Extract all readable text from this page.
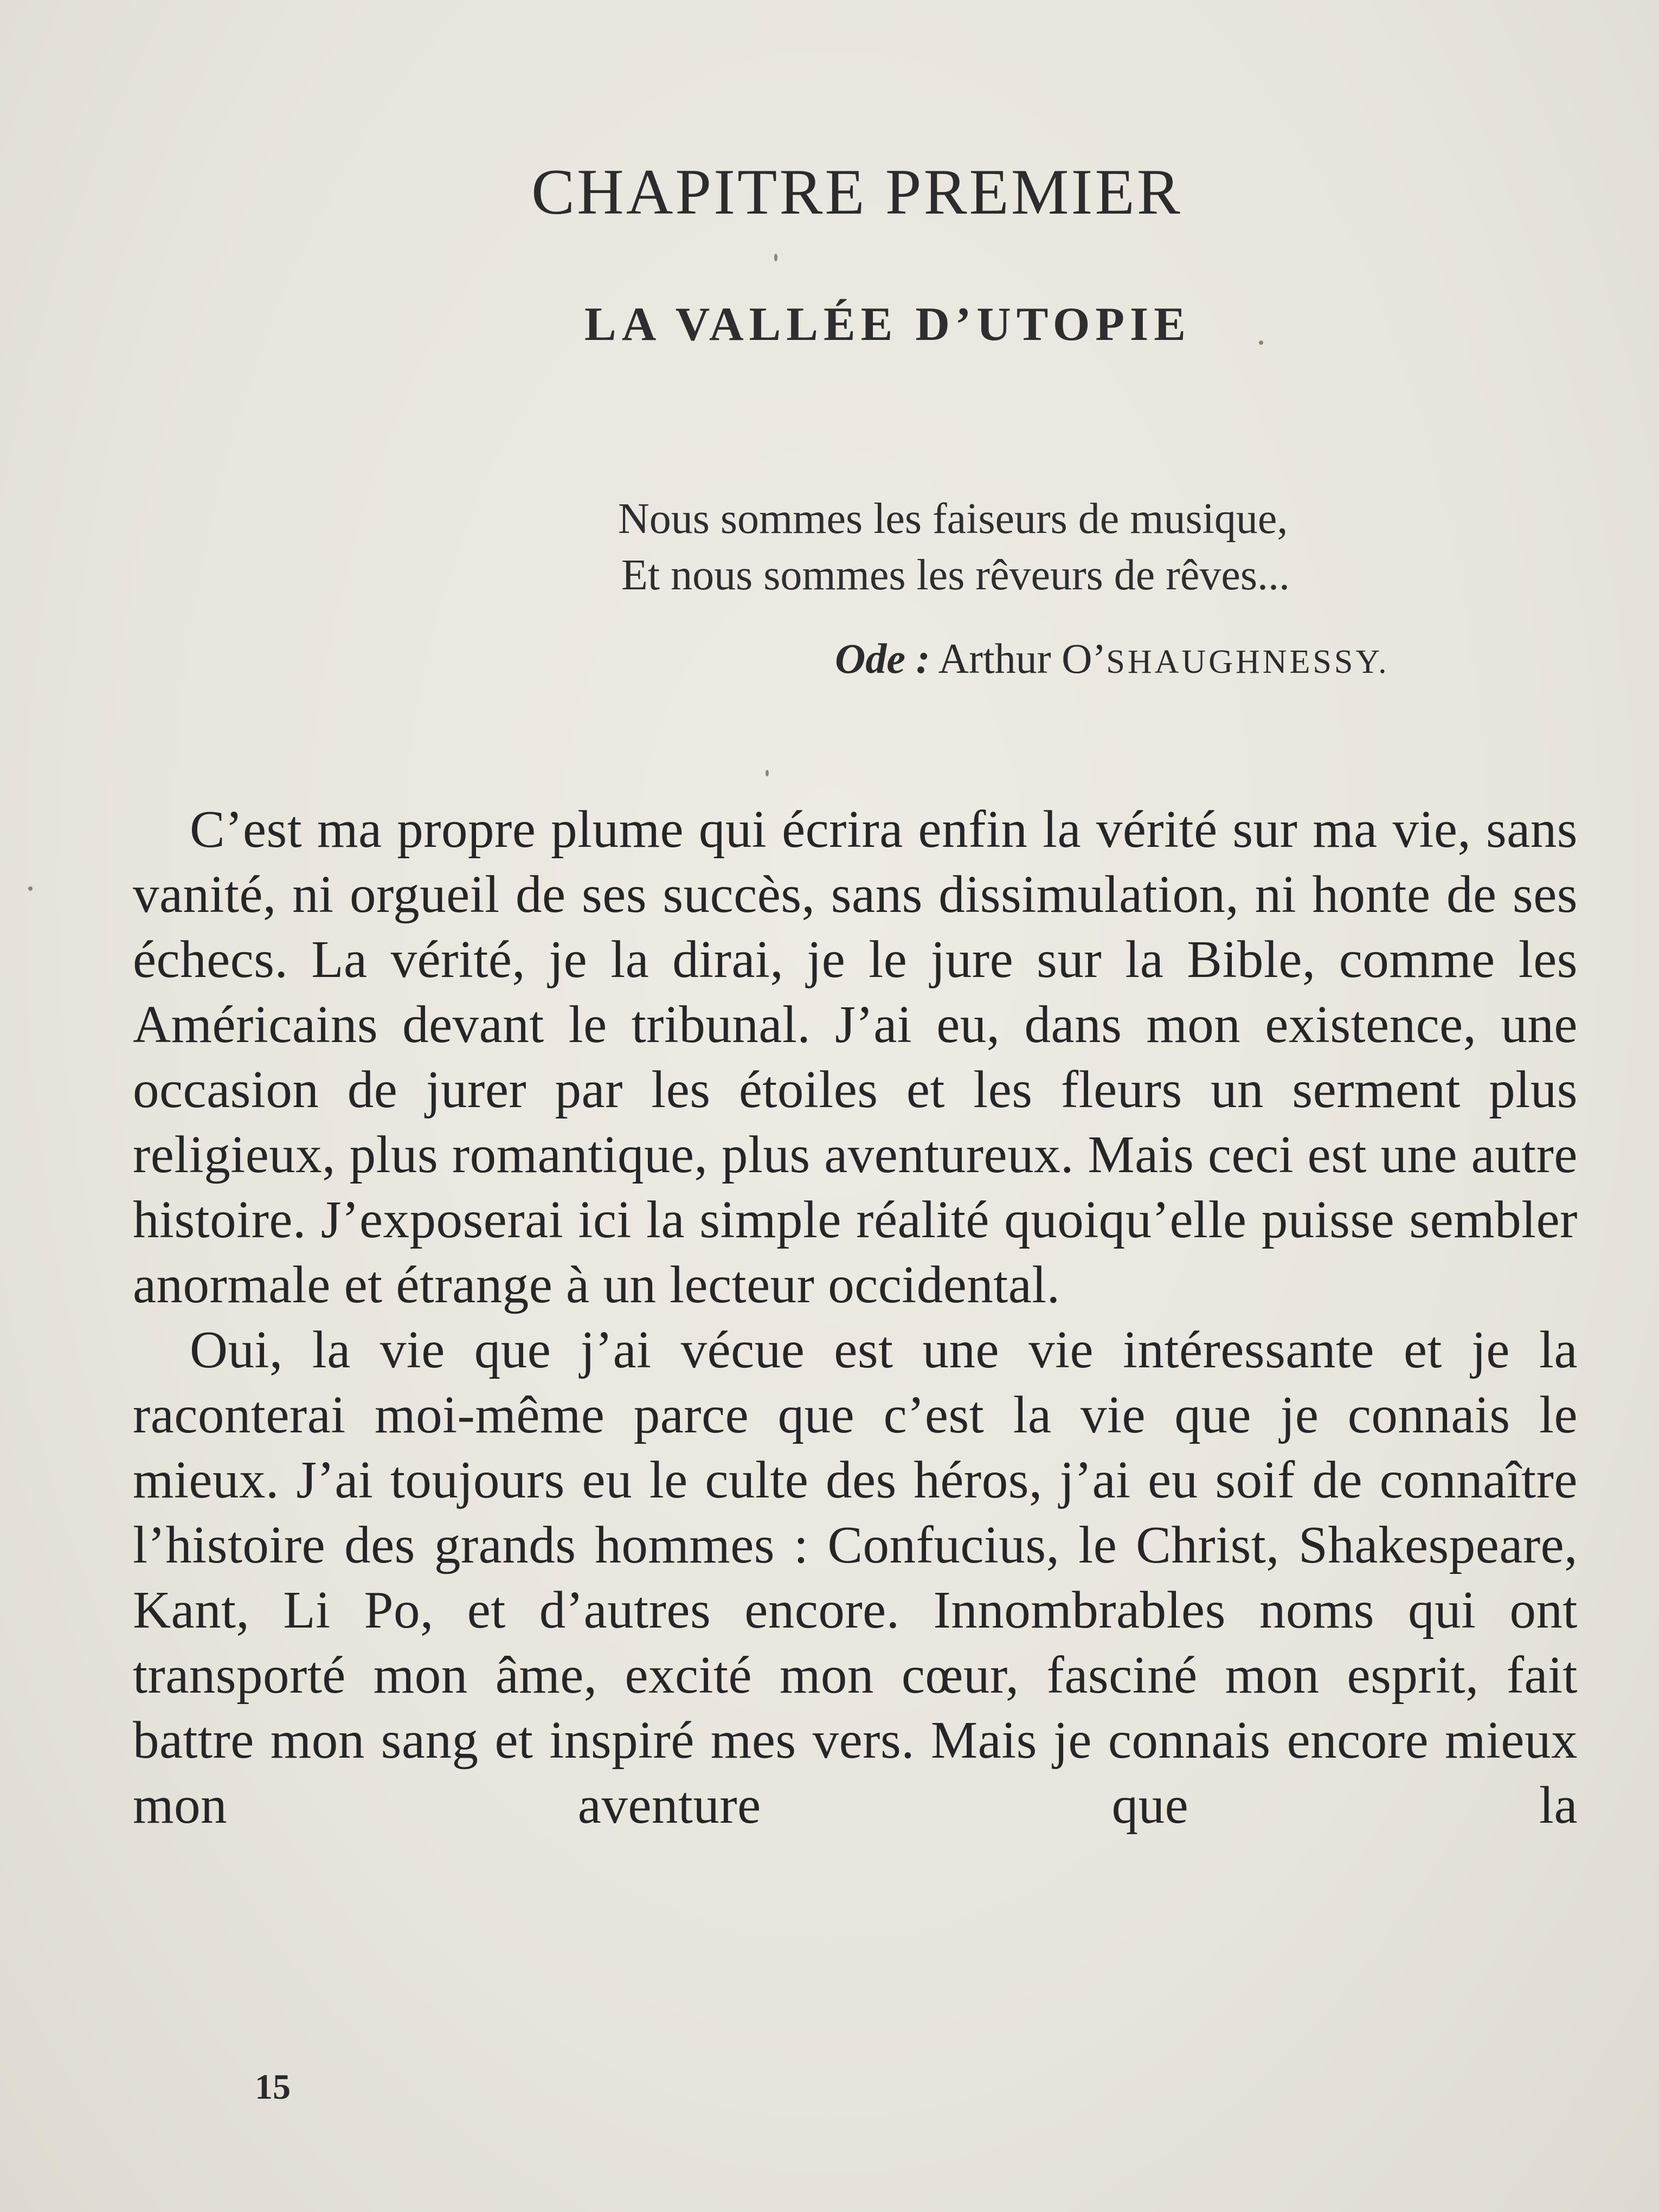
CHAPITRE PREMIER
LA VALLÉE D’UTOPIE
Nous sommes les faiseurs de musique,
Et nous sommes les rêveurs de rêves...
Ode : Arthur O’SHAUGHNESSY.

C’est ma propre plume qui écrira enfin la vérité sur ma vie, sans vanité, ni orgueil de ses succès, sans dissimulation, ni honte de ses échecs. La vérité, je la dirai, je le jure sur la Bible, comme les Américains devant le tribunal. J’ai eu, dans mon existence, une occasion de jurer par les étoiles et les fleurs un serment plus religieux, plus romantique, plus aventureux. Mais ceci est une autre histoire. J’exposerai ici la simple réalité quoiqu’elle puisse sembler anormale et étrange à un lecteur occidental.

Oui, la vie que j’ai vécue est une vie intéressante et je la raconterai moi-même parce que c’est la vie que je connais le mieux. J’ai toujours eu le culte des héros, j’ai eu soif de connaître l’histoire des grands hommes : Confucius, le Christ, Shakespeare, Kant, Li Po, et d’autres encore. Innombrables noms qui ont transporté mon âme, excité mon cœur, fasciné mon esprit, fait battre mon sang et inspiré mes vers. Mais je connais encore mieux mon aventure que la

15
